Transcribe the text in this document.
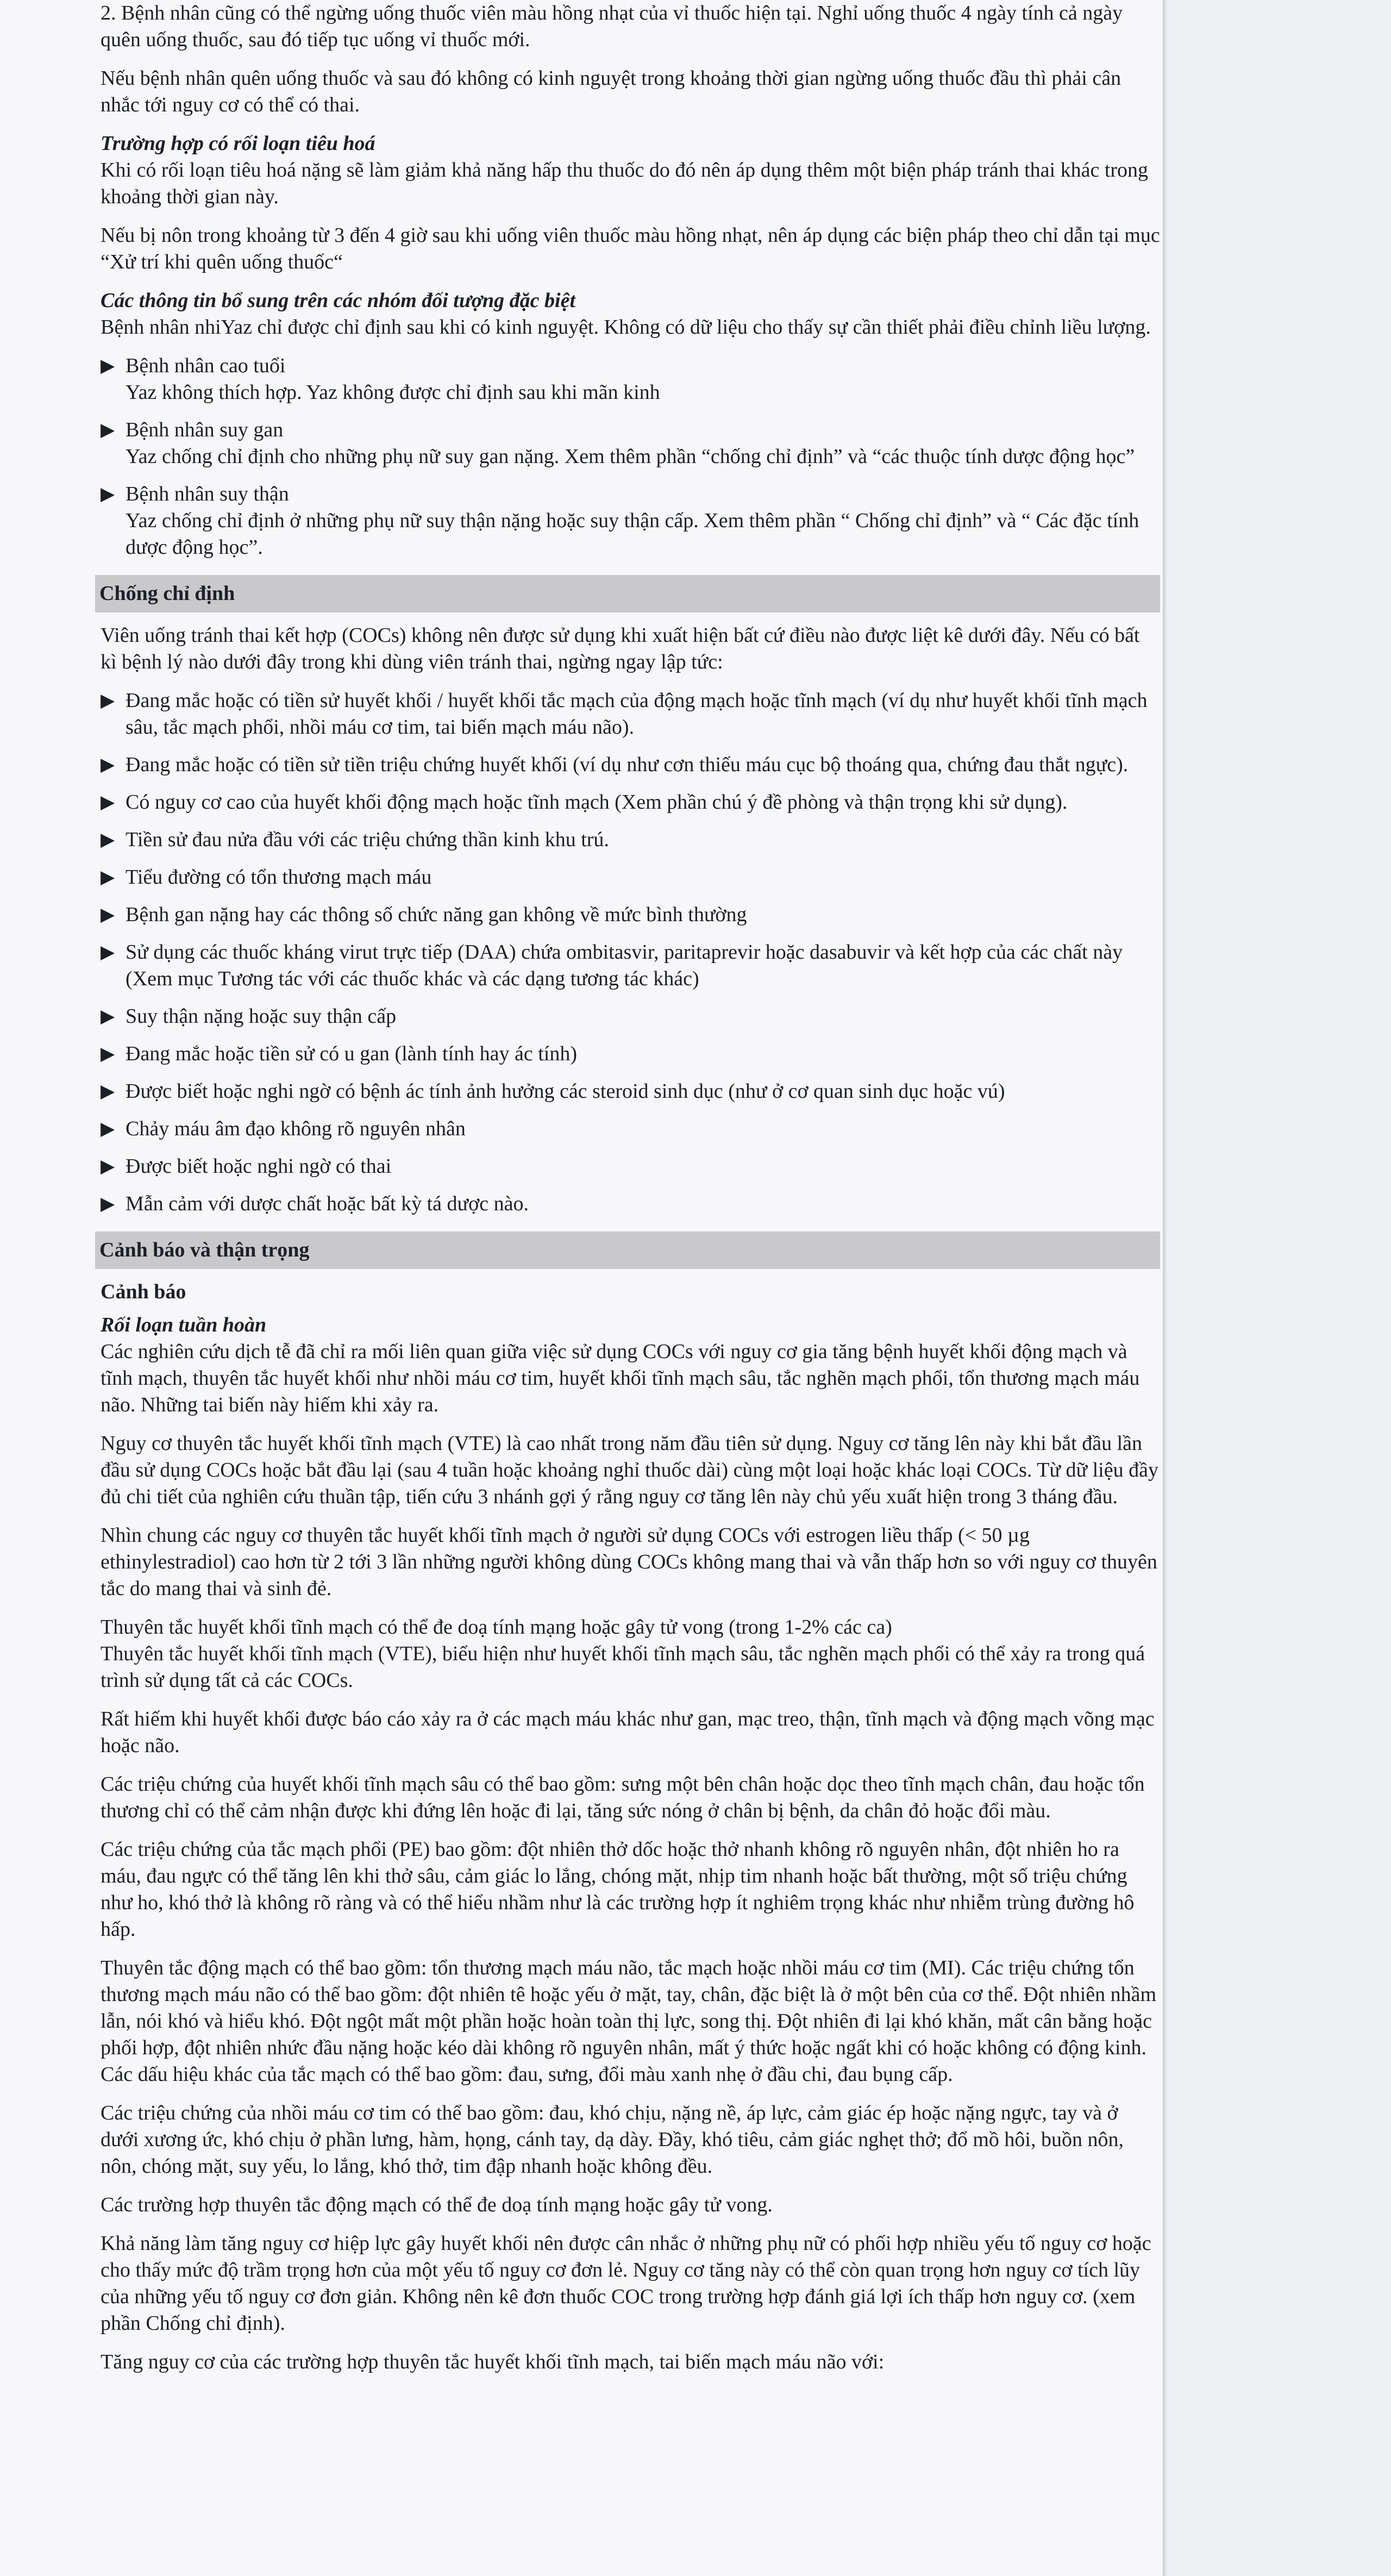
2. Bệnh nhân cũng có thể ngừng uống thuốc viên màu hồng nhạt của vỉ thuốc hiện tại. Nghỉ uống thuốc 4 ngày tính cả ngày quên uống thuốc, sau đó tiếp tục uống vỉ thuốc mới.

Nếu bệnh nhân quên uống thuốc và sau đó không có kinh nguyệt trong khoảng thời gian ngừng uống thuốc đầu thì phải cân nhắc tới nguy cơ có thể có thai.

Trường hợp có rối loạn tiêu hoá

Khi có rối loạn tiêu hoá nặng sẽ làm giảm khả năng hấp thu thuốc do đó nên áp dụng thêm một biện pháp tránh thai khác trong khoảng thời gian này.

Nếu bị nôn trong khoảng từ 3 đến 4 giờ sau khi uống viên thuốc màu hồng nhạt, nên áp dụng các biện pháp theo chỉ dẫn tại mục “Xử trí khi quên uống thuốc“

Các thông tin bổ sung trên các nhóm đối tượng đặc biệt

Bệnh nhân nhiYaz chỉ được chỉ định sau khi có kinh nguyệt. Không có dữ liệu cho thấy sự cần thiết phải điều chỉnh liều lượng.

▶ Bệnh nhân cao tuổi
Yaz không thích hợp. Yaz không được chỉ định sau khi mãn kinh
▶ Bệnh nhân suy gan
Yaz chống chỉ định cho những phụ nữ suy gan nặng. Xem thêm phần “chống chỉ định” và “các thuộc tính dược động học”
▶ Bệnh nhân suy thận
Yaz chống chỉ định ở những phụ nữ suy thận nặng hoặc suy thận cấp. Xem thêm phần “ Chống chỉ định” và “ Các đặc tính dược động học”.
Chống chỉ định

Viên uống tránh thai kết hợp (COCs) không nên được sử dụng khi xuất hiện bất cứ điều nào được liệt kê dưới đây. Nếu có bất kì bệnh lý nào dưới đây trong khi dùng viên tránh thai, ngừng ngay lập tức:

▶ Đang mắc hoặc có tiền sử huyết khối / huyết khối tắc mạch của động mạch hoặc tĩnh mạch (ví dụ như huyết khối tĩnh mạch sâu, tắc mạch phổi, nhồi máu cơ tim, tai biến mạch máu não).
▶ Đang mắc hoặc có tiền sử tiền triệu chứng huyết khối (ví dụ như cơn thiếu máu cục bộ thoáng qua, chứng đau thắt ngực).
▶ Có nguy cơ cao của huyết khối động mạch hoặc tĩnh mạch (Xem phần chú ý đề phòng và thận trọng khi sử dụng).
▶ Tiền sử đau nửa đầu với các triệu chứng thần kinh khu trú.
▶ Tiểu đường có tổn thương mạch máu
▶ Bệnh gan nặng hay các thông số chức năng gan không về mức bình thường
▶ Sử dụng các thuốc kháng virut trực tiếp (DAA) chứa ombitasvir, paritaprevir hoặc dasabuvir và kết hợp của các chất này (Xem mục Tương tác với các thuốc khác và các dạng tương tác khác)
▶ Suy thận nặng hoặc suy thận cấp
▶ Đang mắc hoặc tiền sử có u gan (lành tính hay ác tính)
▶ Được biết hoặc nghi ngờ có bệnh ác tính ảnh hưởng các steroid sinh dục (như ở cơ quan sinh dục hoặc vú)
▶ Chảy máu âm đạo không rõ nguyên nhân
▶ Được biết hoặc nghi ngờ có thai
▶ Mẫn cảm với dược chất hoặc bất kỳ tá dược nào.
Cảnh báo và thận trọng
Cảnh báo
Rối loạn tuần hoàn

Các nghiên cứu dịch tễ đã chỉ ra mối liên quan giữa việc sử dụng COCs với nguy cơ gia tăng bệnh huyết khối động mạch và tĩnh mạch, thuyên tắc huyết khối như nhồi máu cơ tim, huyết khối tĩnh mạch sâu, tắc nghẽn mạch phổi, tổn thương mạch máu não. Những tai biến này hiếm khi xảy ra.

Nguy cơ thuyên tắc huyết khối tĩnh mạch (VTE) là cao nhất trong năm đầu tiên sử dụng. Nguy cơ tăng lên này khi bắt đầu lần đầu sử dụng COCs hoặc bắt đầu lại (sau 4 tuần hoặc khoảng nghỉ thuốc dài) cùng một loại hoặc khác loại COCs. Từ dữ liệu đầy đủ chi tiết của nghiên cứu thuần tập, tiến cứu 3 nhánh gợi ý rằng nguy cơ tăng lên này chủ yếu xuất hiện trong 3 tháng đầu.

Nhìn chung các nguy cơ thuyên tắc huyết khối tĩnh mạch ở người sử dụng COCs với estrogen liều thấp (< 50 µg ethinylestradiol) cao hơn từ 2 tới 3 lần những người không dùng COCs không mang thai và vẫn thấp hơn so với nguy cơ thuyên tắc do mang thai và sinh đẻ.

Thuyên tắc huyết khối tĩnh mạch có thể đe doạ tính mạng hoặc gây tử vong (trong 1-2% các ca)
Thuyên tắc huyết khối tĩnh mạch (VTE), biểu hiện như huyết khối tĩnh mạch sâu, tắc nghẽn mạch phổi có thể xảy ra trong quá trình sử dụng tất cả các COCs.

Rất hiếm khi huyết khối được báo cáo xảy ra ở các mạch máu khác như gan, mạc treo, thận, tĩnh mạch và động mạch võng mạc hoặc não.

Các triệu chứng của huyết khối tĩnh mạch sâu có thể bao gồm: sưng một bên chân hoặc dọc theo tĩnh mạch chân, đau hoặc tổn thương chỉ có thể cảm nhận được khi đứng lên hoặc đi lại, tăng sức nóng ở chân bị bệnh, da chân đỏ hoặc đổi màu.

Các triệu chứng của tắc mạch phổi (PE) bao gồm: đột nhiên thở dốc hoặc thở nhanh không rõ nguyên nhân, đột nhiên ho ra máu, đau ngực có thể tăng lên khi thở sâu, cảm giác lo lắng, chóng mặt, nhịp tim nhanh hoặc bất thường, một số triệu chứng như ho, khó thở là không rõ ràng và có thể hiểu nhầm như là các trường hợp ít nghiêm trọng khác như nhiễm trùng đường hô hấp.

Thuyên tắc động mạch có thể bao gồm: tổn thương mạch máu não, tắc mạch hoặc nhồi máu cơ tim (MI). Các triệu chứng tổn thương mạch máu não có thể bao gồm: đột nhiên tê hoặc yếu ở mặt, tay, chân, đặc biệt là ở một bên của cơ thể. Đột nhiên nhầm lẫn, nói khó và hiểu khó. Đột ngột mất một phần hoặc hoàn toàn thị lực, song thị. Đột nhiên đi lại khó khăn, mất cân bằng hoặc phối hợp, đột nhiên nhức đầu nặng hoặc kéo dài không rõ nguyên nhân, mất ý thức hoặc ngất khi có hoặc không có động kinh. Các dấu hiệu khác của tắc mạch có thể bao gồm: đau, sưng, đổi màu xanh nhẹ ở đầu chi, đau bụng cấp.

Các triệu chứng của nhồi máu cơ tim có thể bao gồm: đau, khó chịu, nặng nề, áp lực, cảm giác ép hoặc nặng ngực, tay và ở dưới xương ức, khó chịu ở phần lưng, hàm, họng, cánh tay, dạ dày. Đầy, khó tiêu, cảm giác nghẹt thở; đổ mồ hôi, buồn nôn, nôn, chóng mặt, suy yếu, lo lắng, khó thở, tim đập nhanh hoặc không đều.

Các trường hợp thuyên tắc động mạch có thể đe doạ tính mạng hoặc gây tử vong.

Khả năng làm tăng nguy cơ hiệp lực gây huyết khối nên được cân nhắc ở những phụ nữ có phối hợp nhiều yếu tố nguy cơ hoặc cho thấy mức độ trầm trọng hơn của một yếu tố nguy cơ đơn lẻ. Nguy cơ tăng này có thể còn quan trọng hơn nguy cơ tích lũy của những yếu tố nguy cơ đơn giản. Không nên kê đơn thuốc COC trong trường hợp đánh giá lợi ích thấp hơn nguy cơ. (xem phần Chống chỉ định).

Tăng nguy cơ của các trường hợp thuyên tắc huyết khối tĩnh mạch, tai biến mạch máu não với:
